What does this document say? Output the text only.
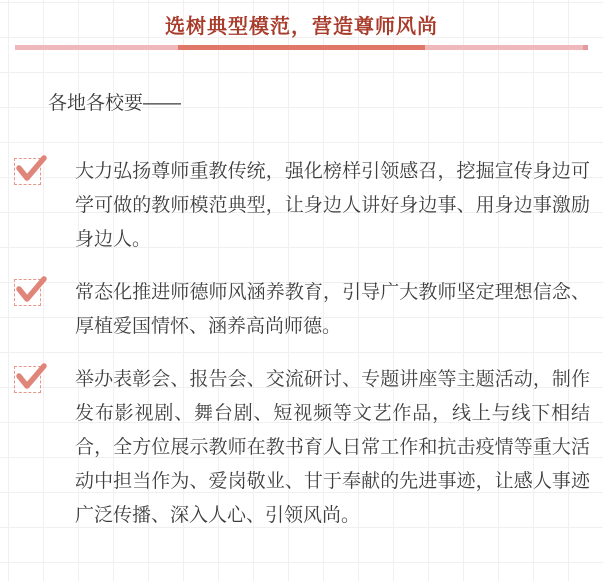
选树典型模范，营造尊师风尚
各地各校要——

大力弘扬尊师重教传统，强化榜样引领感召，挖掘宣传身边可学可做的教师模范典型，让身边人讲好身边事、用身边事激励身边人。

常态化推进师德师风涵养教育，引导广大教师坚定理想信念、厚植爱国情怀、涵养高尚师德。

举办表彰会、报告会、交流研讨、专题讲座等主题活动，制作发布影视剧、舞台剧、短视频等文艺作品，线上与线下相结合，全方位展示教师在教书育人日常工作和抗击疫情等重大活动中担当作为、爱岗敬业、甘于奉献的先进事迹，让感人事迹广泛传播、深入人心、引领风尚。
